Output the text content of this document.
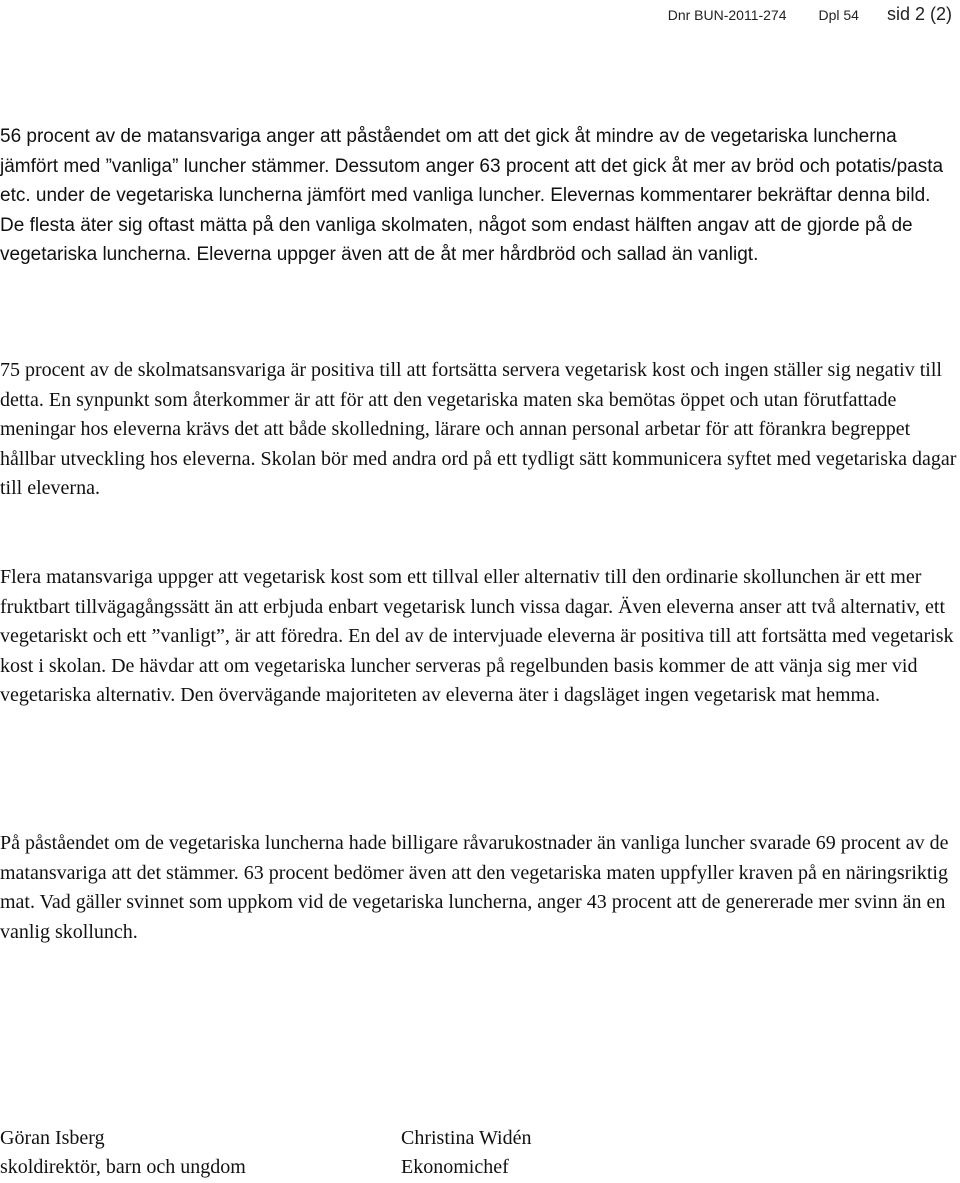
Dnr BUN-2011-274 Dpl 54 sid 2 (2)

56 procent av de matansvariga anger att påståendet om att det gick åt mindre av de vegetariska luncherna jämfört med ”vanliga” luncher stämmer. Dessutom anger 63 procent att det gick åt mer av bröd och potatis/pasta etc. under de vegetariska luncherna jämfört med vanliga luncher. Elevernas kommentarer bekräftar denna bild. De flesta äter sig oftast mätta på den vanliga skolmaten, något som endast hälften angav att de gjorde på de vegetariska luncherna. Eleverna uppger även att de åt mer hårdbröd och sallad än vanligt.

75 procent av de skolmatsansvariga är positiva till att fortsätta servera vegetarisk kost och ingen ställer sig negativ till detta. En synpunkt som återkommer är att för att den vegetariska maten ska bemötas öppet och utan förutfattade meningar hos eleverna krävs det att både skolledning, lärare och annan personal arbetar för att förankra begreppet hållbar utveckling hos eleverna. Skolan bör med andra ord på ett tydligt sätt kommunicera syftet med vegetariska dagar till eleverna.

Flera matansvariga uppger att vegetarisk kost som ett tillval eller alternativ till den ordinarie skollunchen är ett mer fruktbart tillvägagångssätt än att erbjuda enbart vegetarisk lunch vissa dagar. Även eleverna anser att två alternativ, ett vegetariskt och ett ”vanligt”, är att föredra. En del av de intervjuade eleverna är positiva till att fortsätta med vegetarisk kost i skolan. De hävdar att om vegetariska luncher serveras på regelbunden basis kommer de att vänja sig mer vid vegetariska alternativ. Den övervägande majoriteten av eleverna äter i dagsläget ingen vegetarisk mat hemma.

På påståendet om de vegetariska luncherna hade billigare råvarukostnader än vanliga luncher svarade 69 procent av de matansvariga att det stämmer. 63 procent bedömer även att den vegetariska maten uppfyller kraven på en näringsriktig mat. Vad gäller svinnet som uppkom vid de vegetariska luncherna, anger 43 procent att de genererade mer svinn än en vanlig skollunch.

Göran Isberg
skoldirektör, barn och ungdom
Christina Widén
Ekonomichef
